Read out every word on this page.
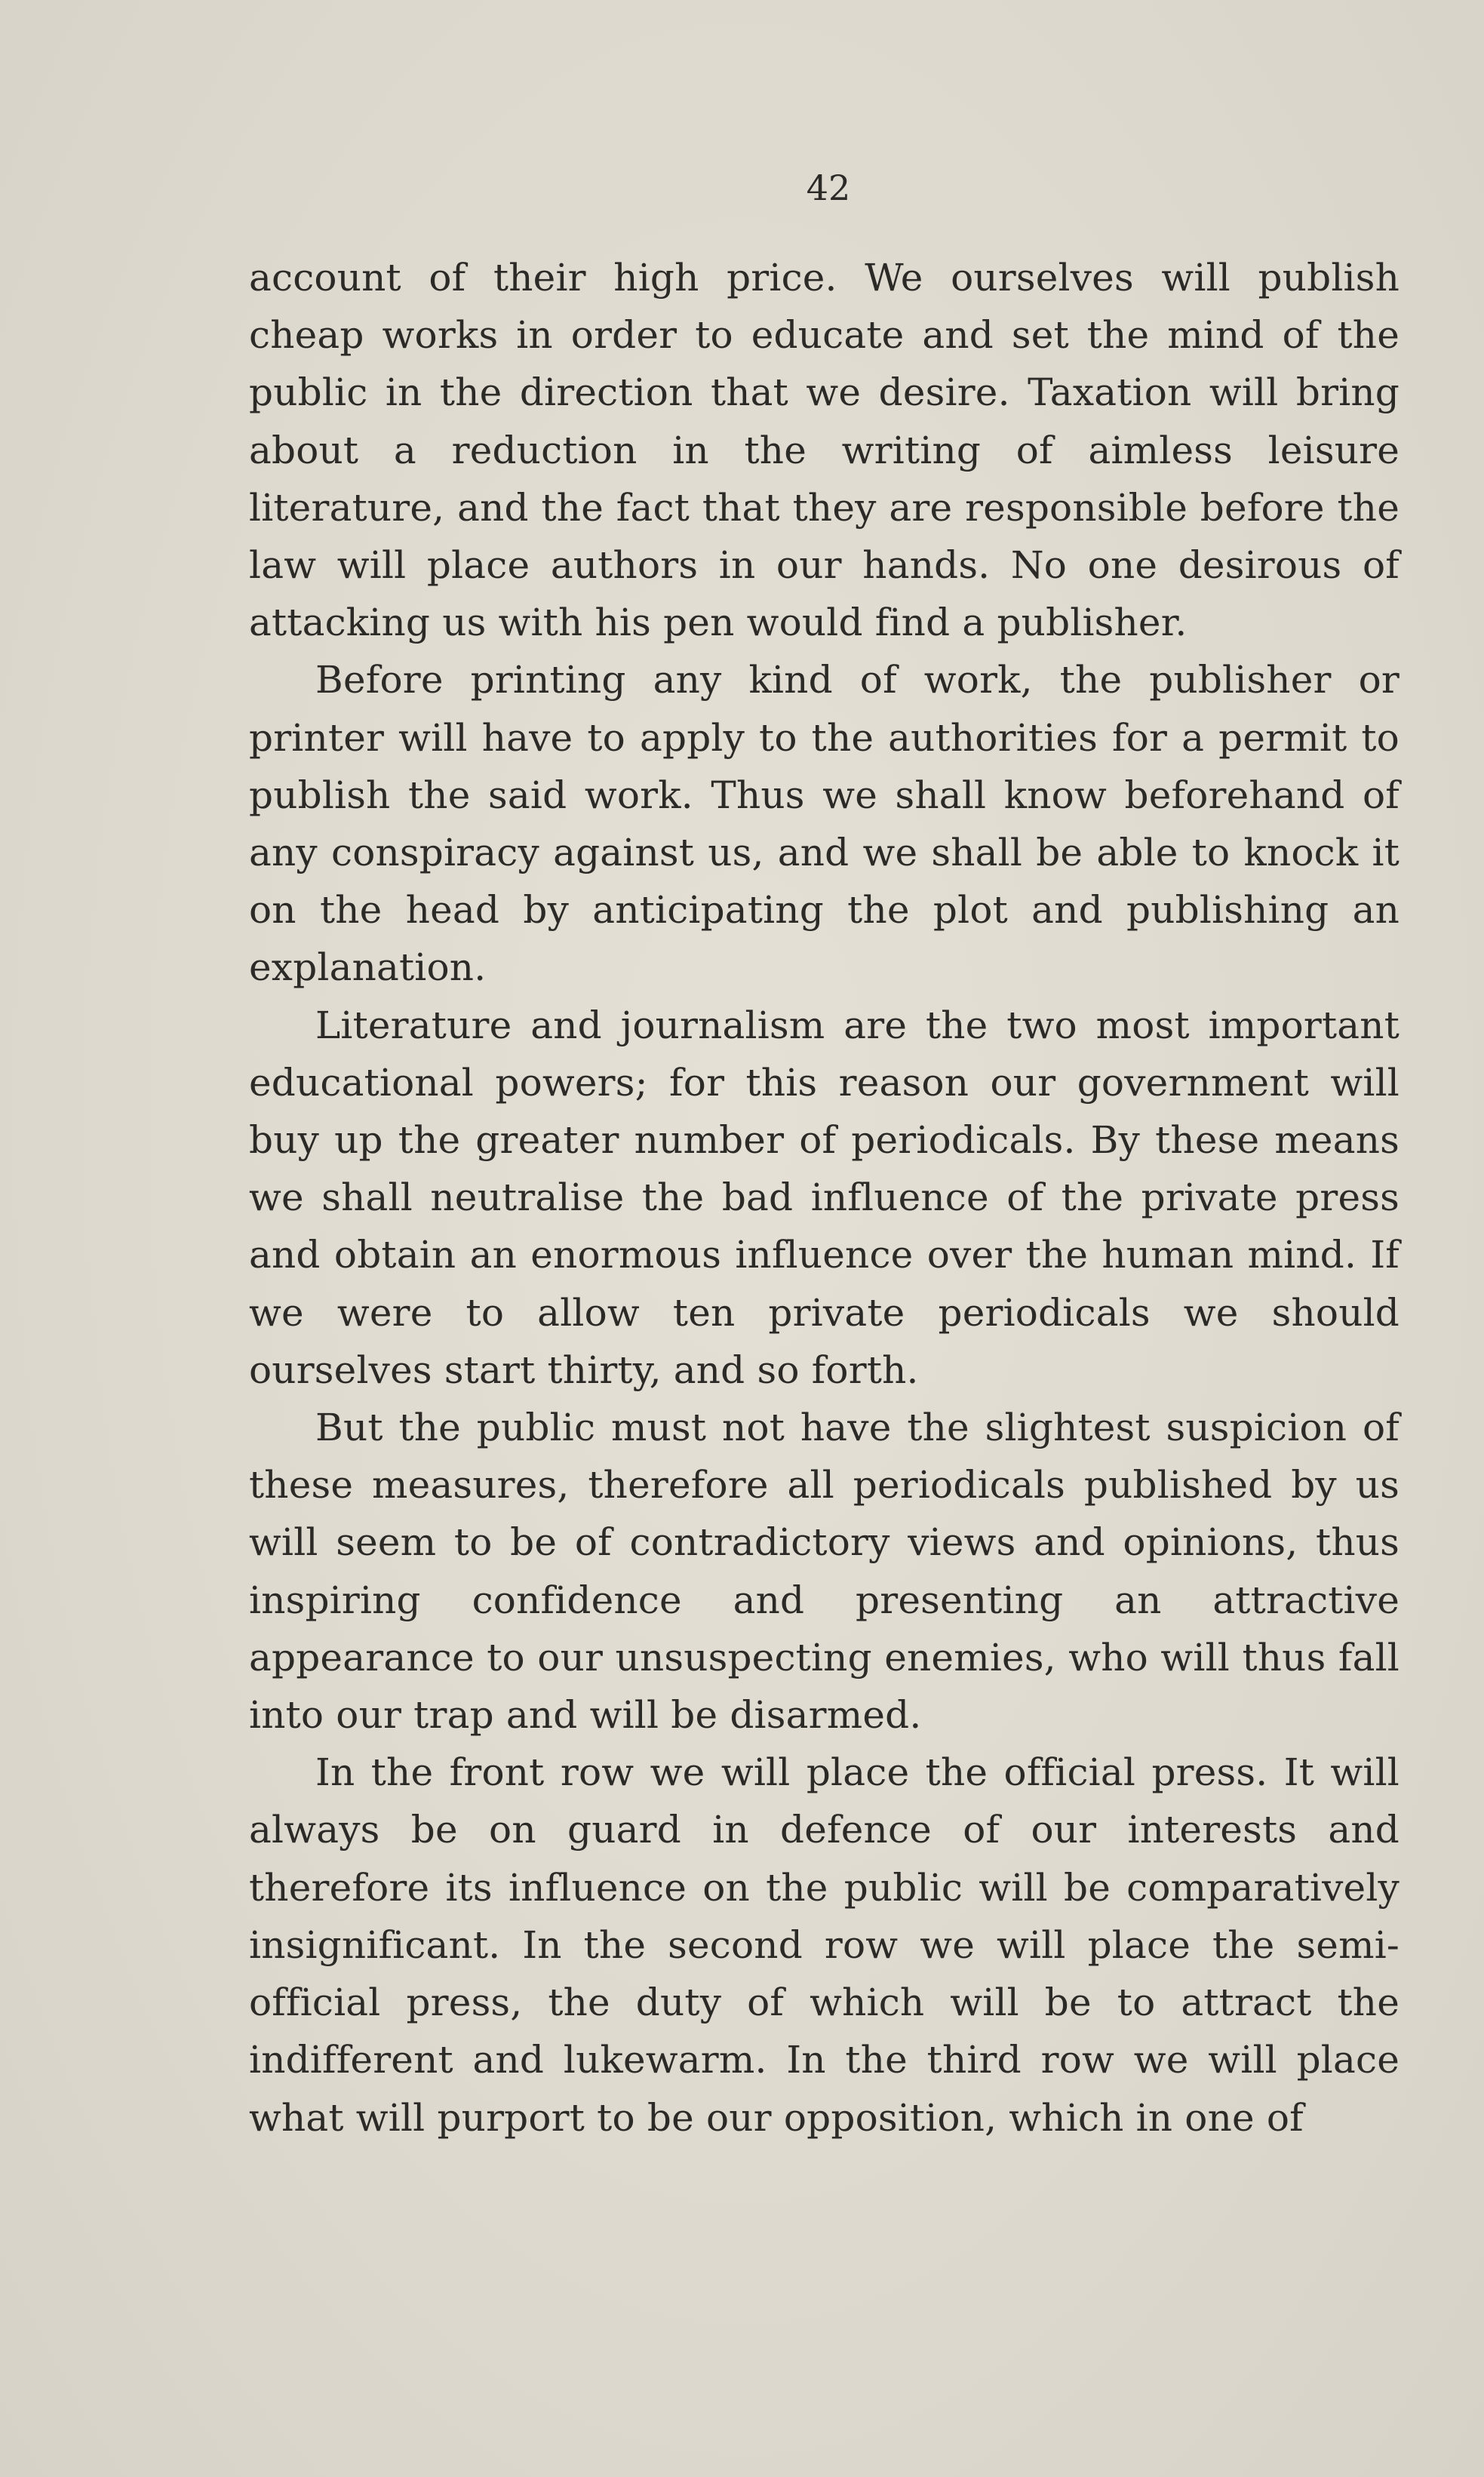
42

account of their high price. We ourselves will publish cheap works in order to educate and set the mind of the public in the direction that we desire. Taxation will bring about a reduction in the writing of aimless leisure literature, and the fact that they are responsible before the law will place authors in our hands. No one desirous of attacking us with his pen would find a publisher.

Before printing any kind of work, the publisher or printer will have to apply to the authorities for a permit to publish the said work. Thus we shall know beforehand of any conspiracy against us, and we shall be able to knock it on the head by anticipating the plot and publishing an explanation.

Literature and journalism are the two most important educational powers; for this reason our government will buy up the greater number of periodicals. By these means we shall neutralise the bad influence of the private press and obtain an enormous influence over the human mind. If we were to allow ten private periodicals we should ourselves start thirty, and so forth.

But the public must not have the slightest suspicion of these measures, therefore all periodicals published by us will seem to be of contradictory views and opinions, thus inspiring confidence and presenting an attractive appearance to our unsuspecting enemies, who will thus fall into our trap and will be disarmed.

In the front row we will place the official press. It will always be on guard in defence of our interests and therefore its influence on the public will be comparatively insignificant. In the second row we will place the semi-official press, the duty of which will be to attract the indifferent and lukewarm. In the third row we will place what will purport to be our opposition, which in one of
